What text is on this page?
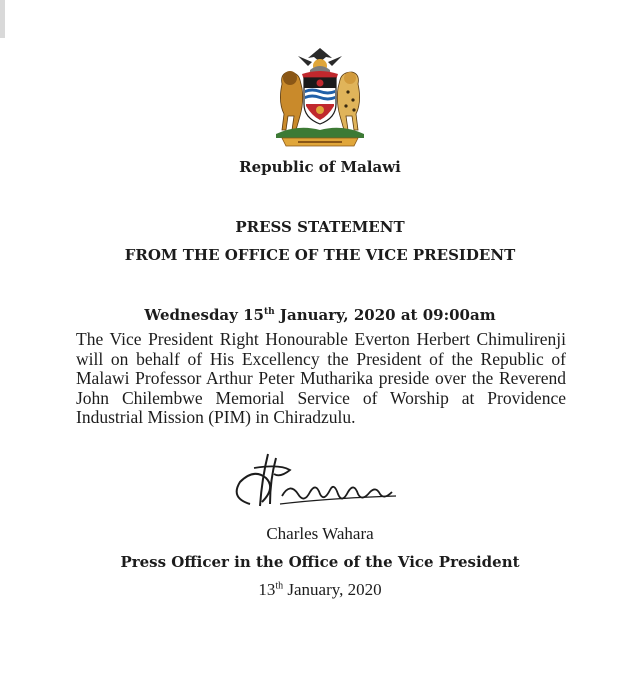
Republic of Malawi
PRESS STATEMENT
FROM THE OFFICE OF THE VICE PRESIDENT
Wednesday 15th January, 2020 at 09:00am

The Vice President Right Honourable Everton Herbert Chimulirenji will on behalf of His Excellency the President of the Republic of Malawi Professor Arthur Peter Mutharika preside over the Reverend John Chilembwe Memorial Service of Worship at Providence Industrial Mission (PIM) in Chiradzulu.

Charles Wahara
Press Officer in the Office of the Vice President
13th January, 2020
